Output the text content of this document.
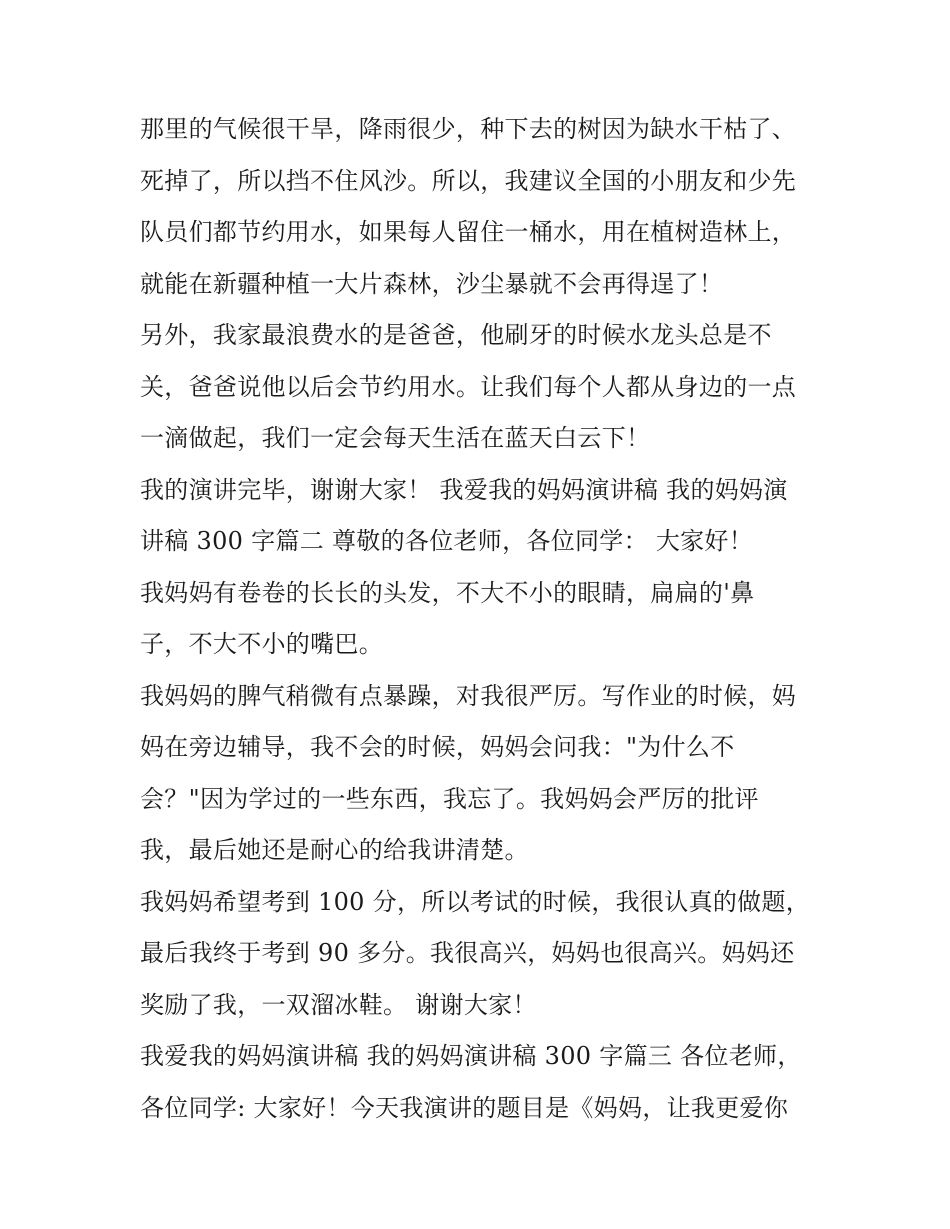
那里的气候很干旱，降雨很少，种下去的树因为缺水干枯了、
死掉了，所以挡不住风沙。所以，我建议全国的小朋友和少先
队员们都节约用水，如果每人留住一桶水，用在植树造林上，
就能在新疆种植一大片森林，沙尘暴就不会再得逞了！
另外，我家最浪费水的是爸爸，他刷牙的时候水龙头总是不
关，爸爸说他以后会节约用水。让我们每个人都从身边的一点
一滴做起，我们一定会每天生活在蓝天白云下！
我的演讲完毕，谢谢大家！ 我爱我的妈妈演讲稿 我的妈妈演
讲稿 300 字篇二 尊敬的各位老师，各位同学： 大家好！
我妈妈有卷卷的长长的头发，不大不小的眼睛，扁扁的'鼻
子，不大不小的嘴巴。
我妈妈的脾气稍微有点暴躁，对我很严厉。写作业的时候，妈
妈在旁边辅导，我不会的时候，妈妈会问我："为什么不
会？"因为学过的一些东西，我忘了。我妈妈会严厉的批评
我，最后她还是耐心的给我讲清楚。
我妈妈希望考到 100 分，所以考试的时候，我很认真的做题，
最后我终于考到 90 多分。我很高兴，妈妈也很高兴。妈妈还
奖励了我，一双溜冰鞋。 谢谢大家！
我爱我的妈妈演讲稿 我的妈妈演讲稿 300 字篇三 各位老师，
各位同学: 大家好！今天我演讲的题目是《妈妈，让我更爱你
